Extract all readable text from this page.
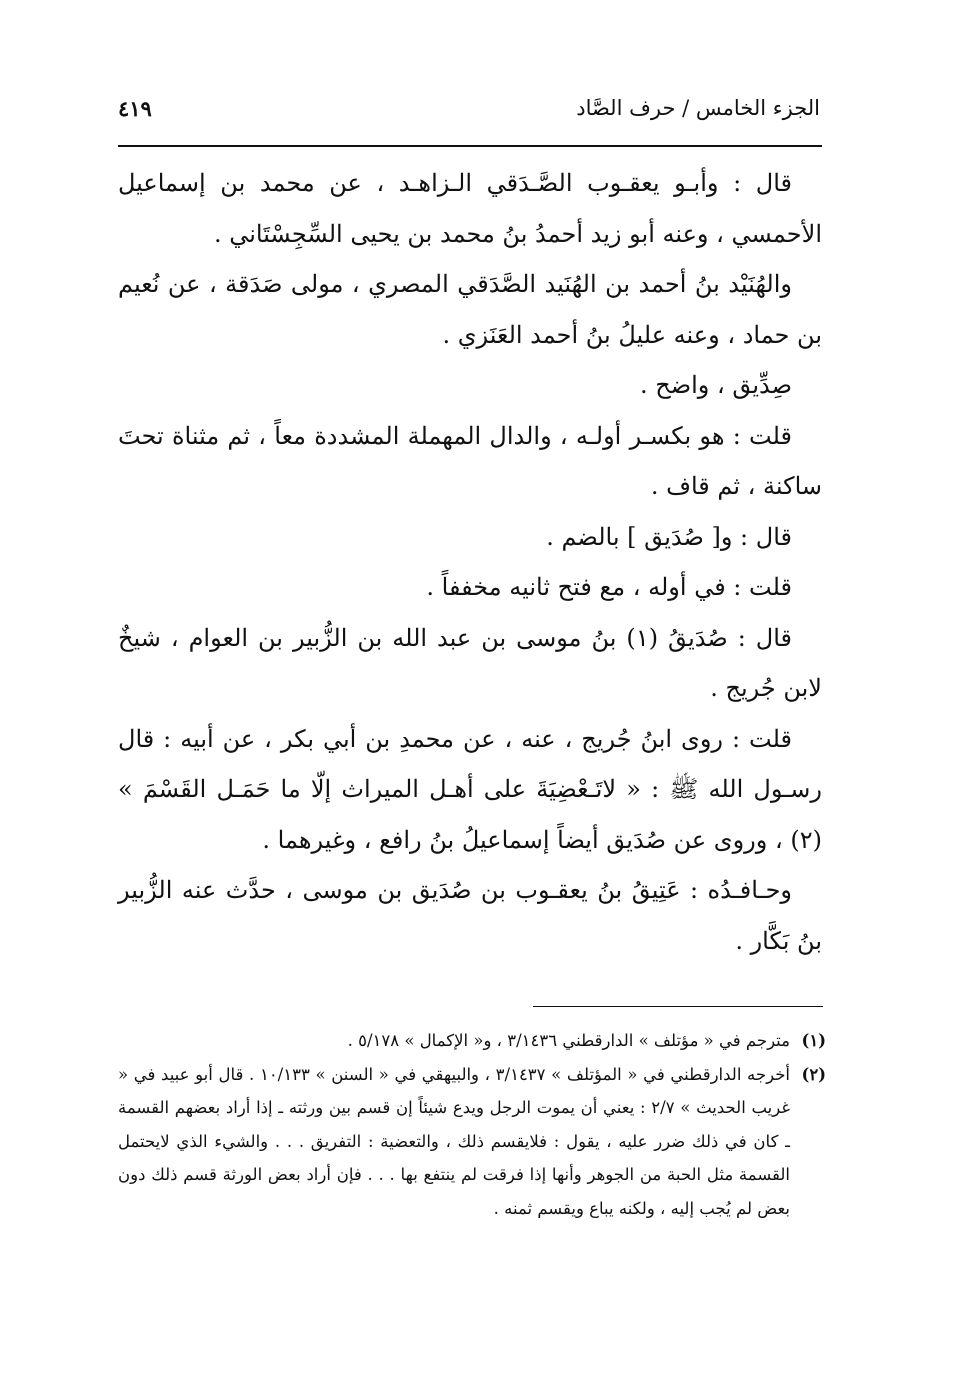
الجزء الخامس / حرف الصَّاد
٤١٩

قال : وأبـو يعقـوب الصَّـدَقي الـزاهـد ، عن محمد بن إسماعيل الأحمسي ، وعنه أبو زيد أحمدُ بنُ محمد بن يحيى السِّجِسْتَاني .

والهُنَيْد بنُ أحمد بن الهُنَيد الصَّدَقي المصري ، مولى صَدَقة ، عن نُعيم بن حماد ، وعنه عليلُ بنُ أحمد العَنَزي .

صِدِّيق ، واضح .

قلت : هو بكسـر أولـه ، والدال المهملة المشددة معاً ، ثم مثناة تحتَ ساكنة ، ثم قاف .

قال : و[ صُدَيق ] بالضم .

قلت : في أوله ، مع فتح ثانيه مخففاً .

قال : صُدَيقُ (١) بنُ موسى بن عبد الله بن الزُّبير بن العوام ، شيخٌ لابن جُريج .

قلت : روى ابنُ جُريج ، عنه ، عن محمدِ بن أبي بكر ، عن أبيه : قال رسـول الله ﷺ : « لاتَـعْضِيَةَ على أهـل الميراث إلّا ما حَمَـل القَسْمَ » (٢) ، وروى عن صُدَيق أيضاً إسماعيلُ بنُ رافع ، وغيرهما .

وحـافـدُه : عَتِيقُ بنُ يعقـوب بن صُدَيق بن موسى ، حدَّث عنه الزُّبير بنُ بَكَّار .

(١)
مترجم في « مؤتلف » الدارقطني ٣/١٤٣٦ ، و« الإكمال » ٥/١٧٨ .
(٢)
أخرجه الدارقطني في « المؤتلف » ٣/١٤٣٧ ، والبيهقي في « السنن » ١٠/١٣٣ . قال أبو عبيد في « غريب الحديث » ٢/٧ : يعني أن يموت الرجل ويدع شيئاً إن قسم بين ورثته ـ إذا أراد بعضهم القسمة ـ كان في ذلك ضرر عليه ، يقول : فلايقسم ذلك ، والتعضية : التفريق . . . والشيء الذي لايحتمل القسمة مثل الحبة من الجوهر وأنها إذا فرقت لم ينتفع بها . . . فإن أراد بعض الورثة قسم ذلك دون بعض لم يُجب إليه ، ولكنه يباع ويقسم ثمنه .
